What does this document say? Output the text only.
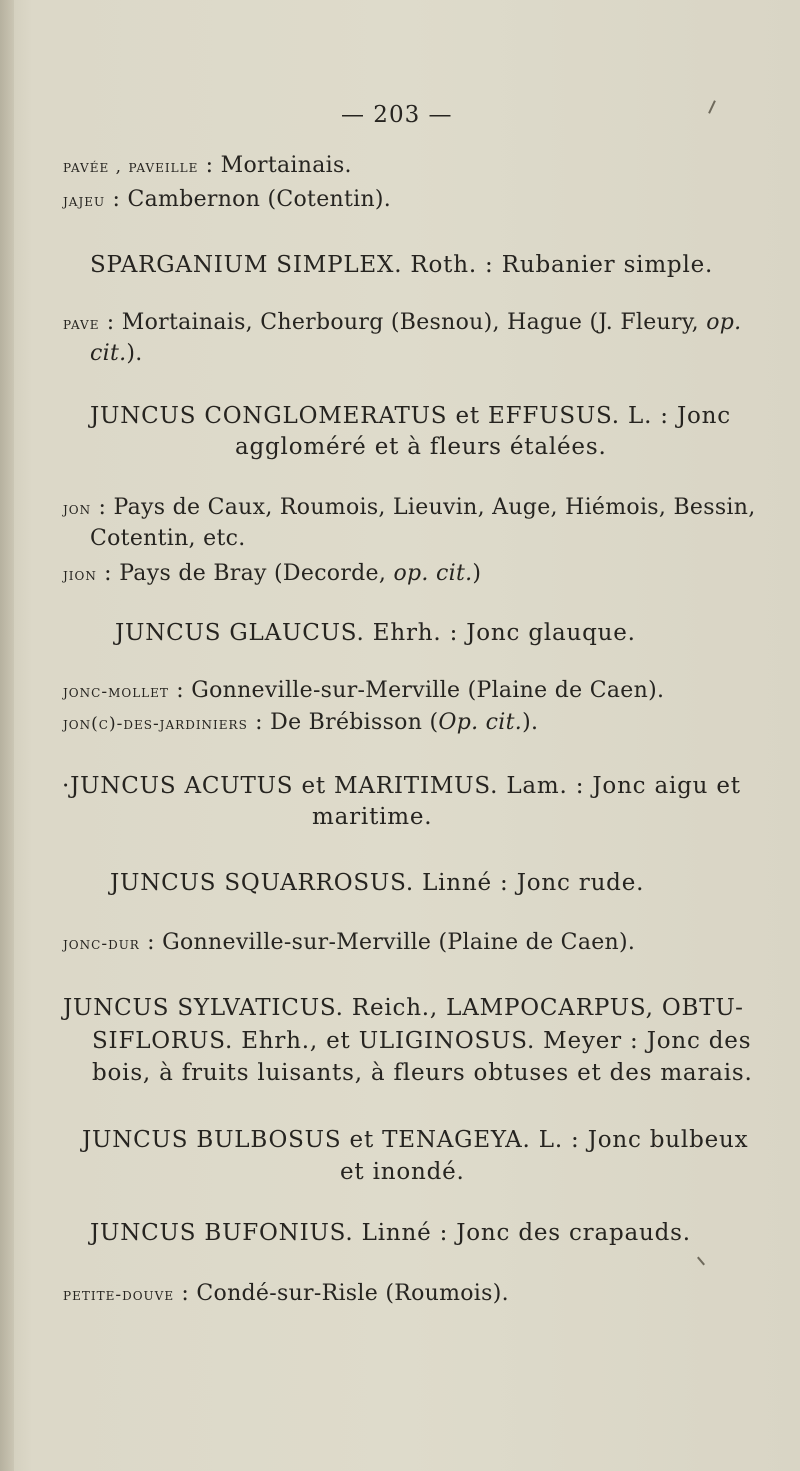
— 203 —
pavée , paveille : Mortainais.
jajeu : Cambernon (Cotentin).
SPARGANIUM SIMPLEX. Roth. : Rubanier simple.
pave : Mortainais, Cherbourg (Besnou), Hague (J. Fleury, op.
cit.).
JUNCUS CONGLOMERATUS et EFFUSUS. L. : Jonc
aggloméré et à fleurs étalées.
jon : Pays de Caux, Roumois, Lieuvin, Auge, Hiémois, Bessin,
Cotentin, etc.
jion : Pays de Bray (Decorde, op. cit.)
JUNCUS GLAUCUS. Ehrh. : Jonc glauque.
jonc-mollet : Gonneville-sur-Merville (Plaine de Caen).
jon(c)-des-jardiniers : De Brébisson (Op. cit.).
·JUNCUS ACUTUS et MARITIMUS. Lam. : Jonc aigu et
maritime.
JUNCUS SQUARROSUS. Linné : Jonc rude.
jonc-dur : Gonneville-sur-Merville (Plaine de Caen).
JUNCUS SYLVATICUS. Reich., LAMPOCARPUS, OBTU-
SIFLORUS. Ehrh., et ULIGINOSUS. Meyer : Jonc des
bois, à fruits luisants, à fleurs obtuses et des marais.
JUNCUS BULBOSUS et TENAGEYA. L. : Jonc bulbeux
et inondé.
JUNCUS BUFONIUS. Linné : Jonc des crapauds.
petite-douve : Condé-sur-Risle (Roumois).
